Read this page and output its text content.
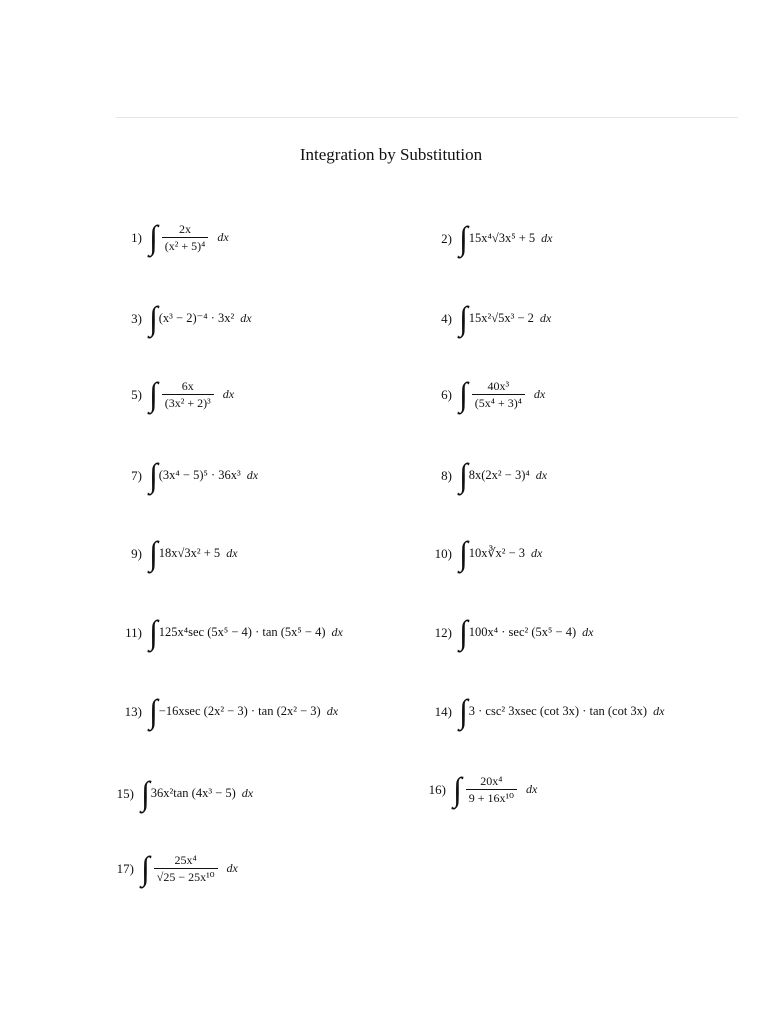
Integration by Substitution
1) ∫ $\frac{2x}{\text{(x² + 5)⁴}}$ dx	2) ∫ 15x⁴√3x⁵ + 5 dx
3) ∫ (x³ − 2)⁻⁴ · 3x² dx	4) ∫ 15x²√5x³ − 2 dx
5) ∫ $\frac{6x}{\text{(3x² + 2)³}}$ dx	6) ∫ $\frac{\text{40x³}}{\text{(5x⁴ + 3)⁴}}$ dx
7) ∫ (3x⁴ − 5)⁵ · 36x³ dx	8) ∫ 8x(2x² − 3)⁴ dx
9) ∫ 18x√3x² + 5 dx	10) ∫ 10x∛x² − 3 dx
11) ∫ 125x⁴sec (5x⁵ − 4) · tan (5x⁵ − 4) dx	12) ∫ 100x⁴ · sec² (5x⁵ − 4) dx
13) ∫ −16xsec (2x² − 3) · tan (2x² − 3) dx	14) ∫ 3 · csc² 3xsec (cot 3x) · tan (cot 3x) dx
15) ∫ 36x²tan (4x³ − 5) dx	16) ∫ $\frac{\text{20x⁴}}{\text{9 + 16x¹⁰}}$ dx
17) ∫ $\frac{\text{25x⁴}}{\text{√25 − 25x¹⁰}}$ dx
